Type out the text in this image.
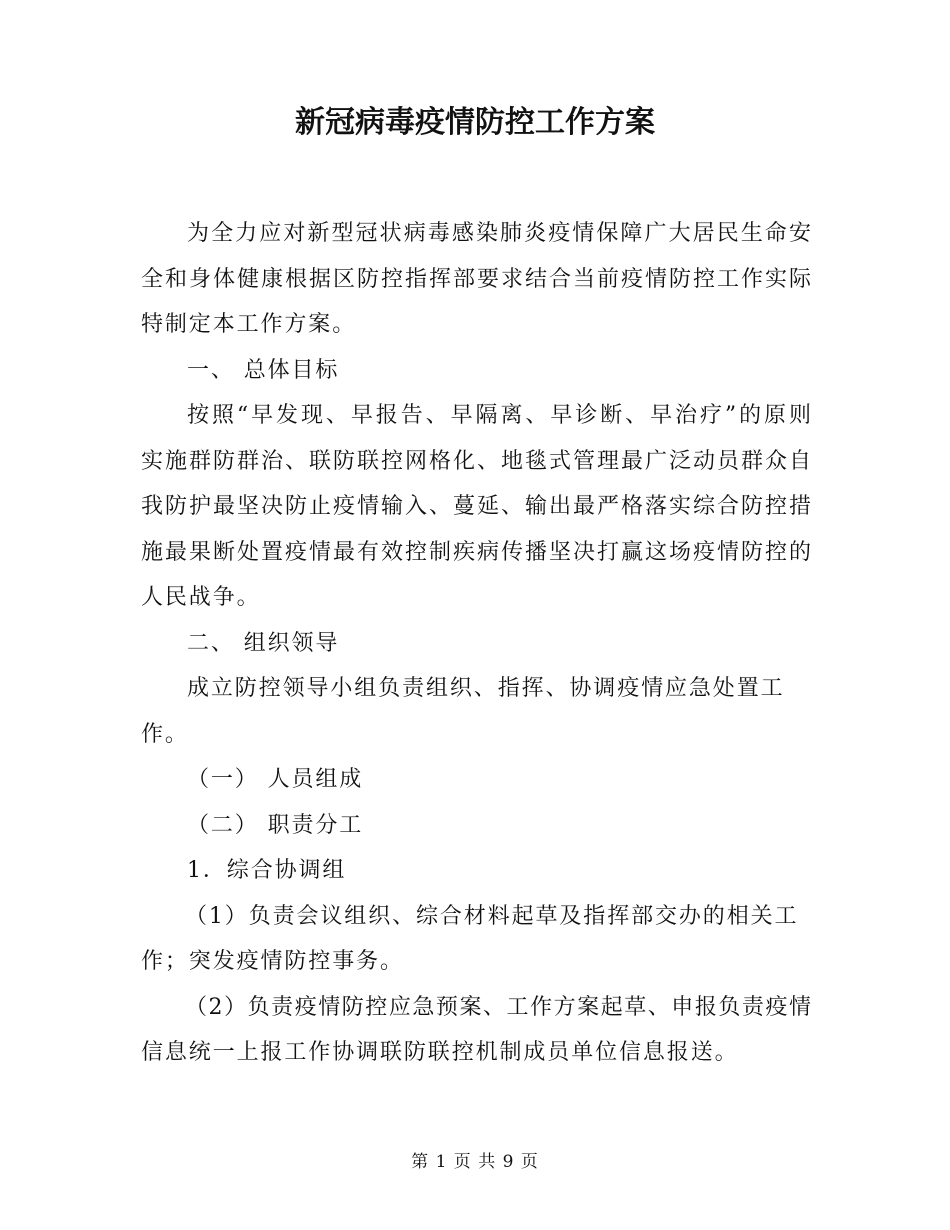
新冠病毒疫情防控工作方案
为全力应对新型冠状病毒感染肺炎疫情保障广大居民生命安
全和身体健康根据区防控指挥部要求结合当前疫情防控工作实际
特制定本工作方案。
一、 总体目标
按照“早发现、早报告、早隔离、早诊断、早治疗”的原则
实施群防群治、联防联控网格化、地毯式管理最广泛动员群众自
我防护最坚决防止疫情输入、蔓延、输出最严格落实综合防控措
施最果断处置疫情最有效控制疾病传播坚决打赢这场疫情防控的
人民战争。
二、 组织领导
成立防控领导小组负责组织、指挥、协调疫情应急处置工
作。
（一） 人员组成
（二） 职责分工
1．综合协调组
（1）负责会议组织、综合材料起草及指挥部交办的相关工
作；突发疫情防控事务。
（2）负责疫情防控应急预案、工作方案起草、申报负责疫情
信息统一上报工作协调联防联控机制成员单位信息报送。
第 1 页 共 9 页
